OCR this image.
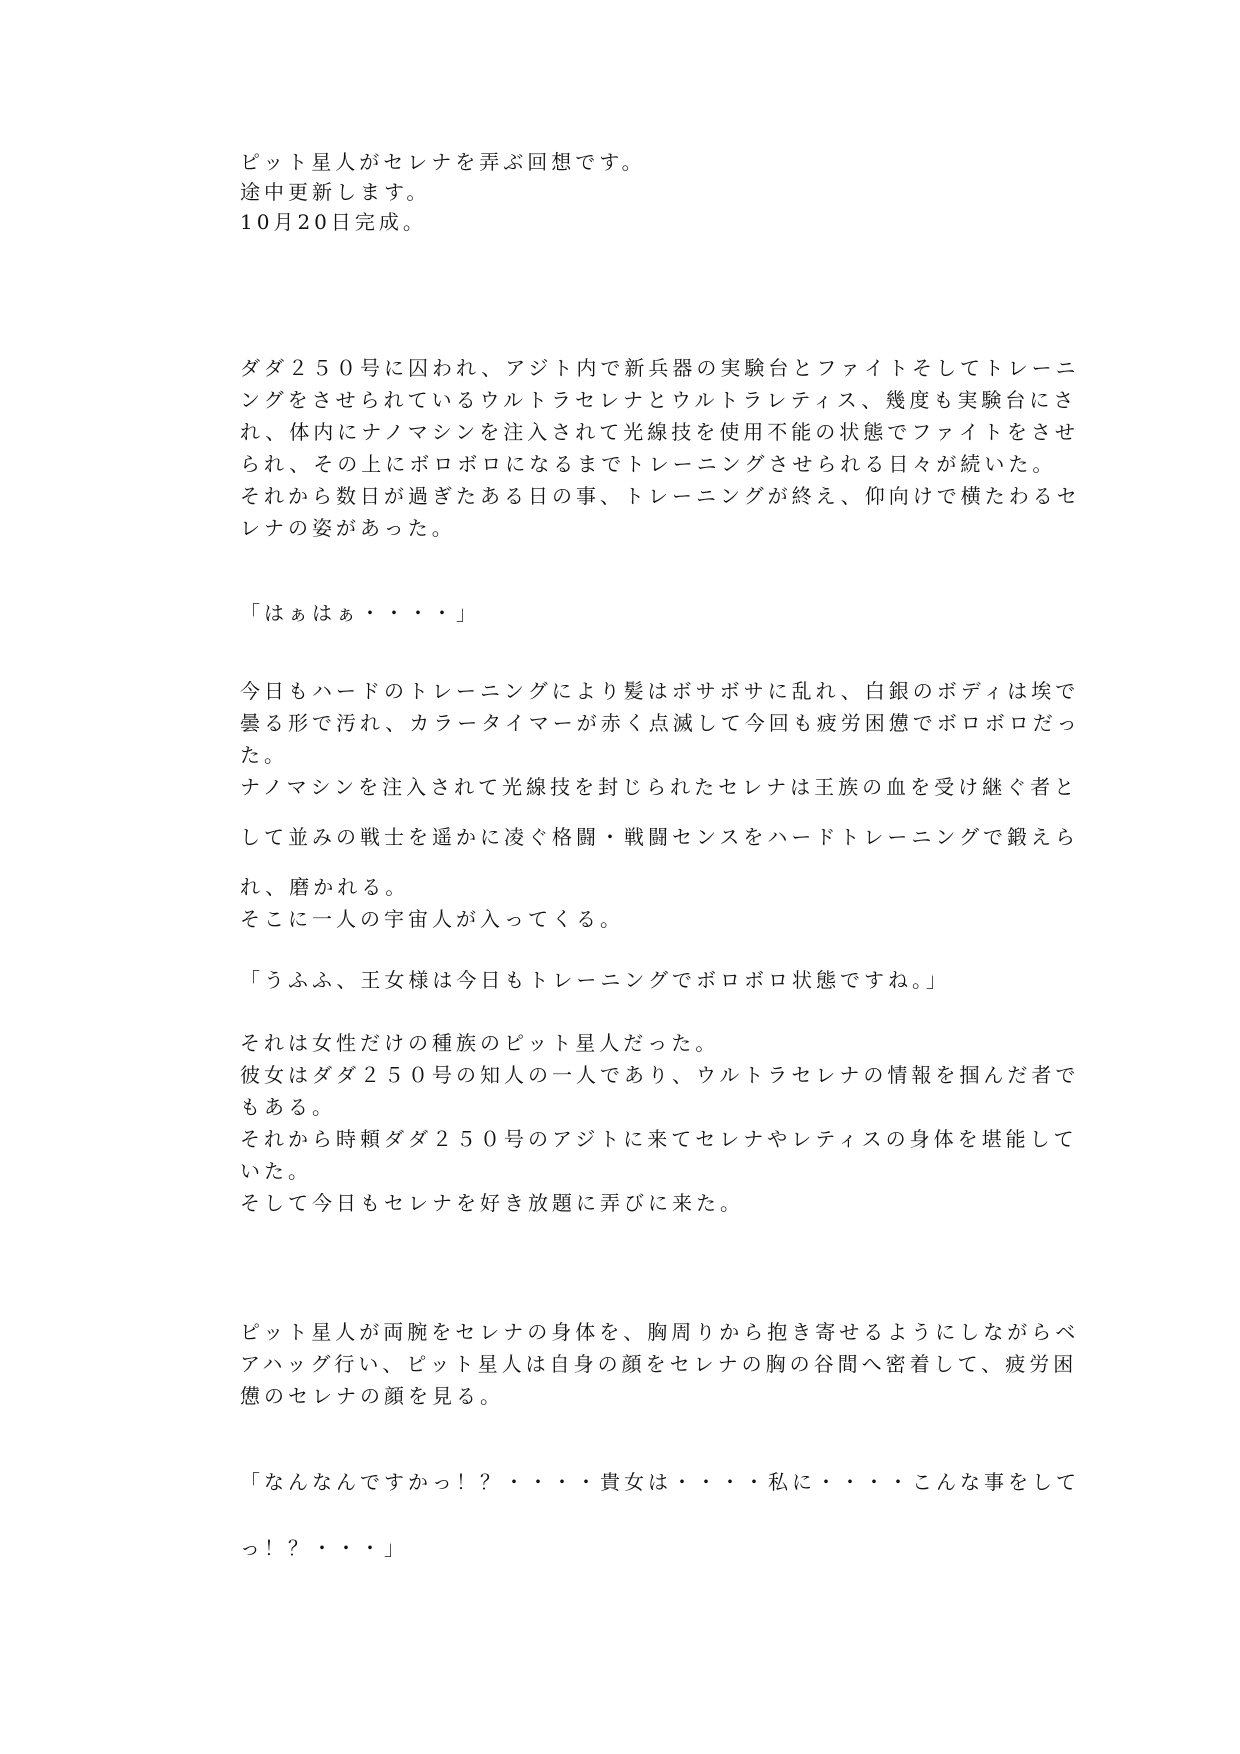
ピット星人がセレナを弄ぶ回想です。
途中更新します。
10月20日完成。
ダダ２５０号に囚われ、アジト内で新兵器の実験台とファイトそしてトレーニ
ングをさせられているウルトラセレナとウルトラレティス、幾度も実験台にさ
れ、体内にナノマシンを注入されて光線技を使用不能の状態でファイトをさせ
られ、その上にボロボロになるまでトレーニングさせられる日々が続いた。
それから数日が過ぎたある日の事、トレーニングが終え、仰向けで横たわるセ
レナの姿があった。
「はぁはぁ・・・・」
今日もハードのトレーニングにより髪はボサボサに乱れ、白銀のボディは埃で
曇る形で汚れ、カラータイマーが赤く点滅して今回も疲労困憊でボロボロだっ
た。
ナノマシンを注入されて光線技を封じられたセレナは王族の血を受け継ぐ者と
して並みの戦士を遥かに凌ぐ格闘・戦闘センスをハードトレーニングで鍛えら
れ、磨かれる。
そこに一人の宇宙人が入ってくる。
「うふふ、王女様は今日もトレーニングでボロボロ状態ですね。」
それは女性だけの種族のピット星人だった。
彼女はダダ２５０号の知人の一人であり、ウルトラセレナの情報を掴んだ者で
もある。
それから時頼ダダ２５０号のアジトに来てセレナやレティスの身体を堪能して
いた。
そして今日もセレナを好き放題に弄びに来た。
ピット星人が両腕をセレナの身体を、胸周りから抱き寄せるようにしながらベ
アハッグ行い、ピット星人は自身の顔をセレナの胸の谷間へ密着して、疲労困
憊のセレナの顔を見る。
「なんなんですかっ！？・・・・貴女は・・・・私に・・・・こんな事をして
っ！？・・・」
